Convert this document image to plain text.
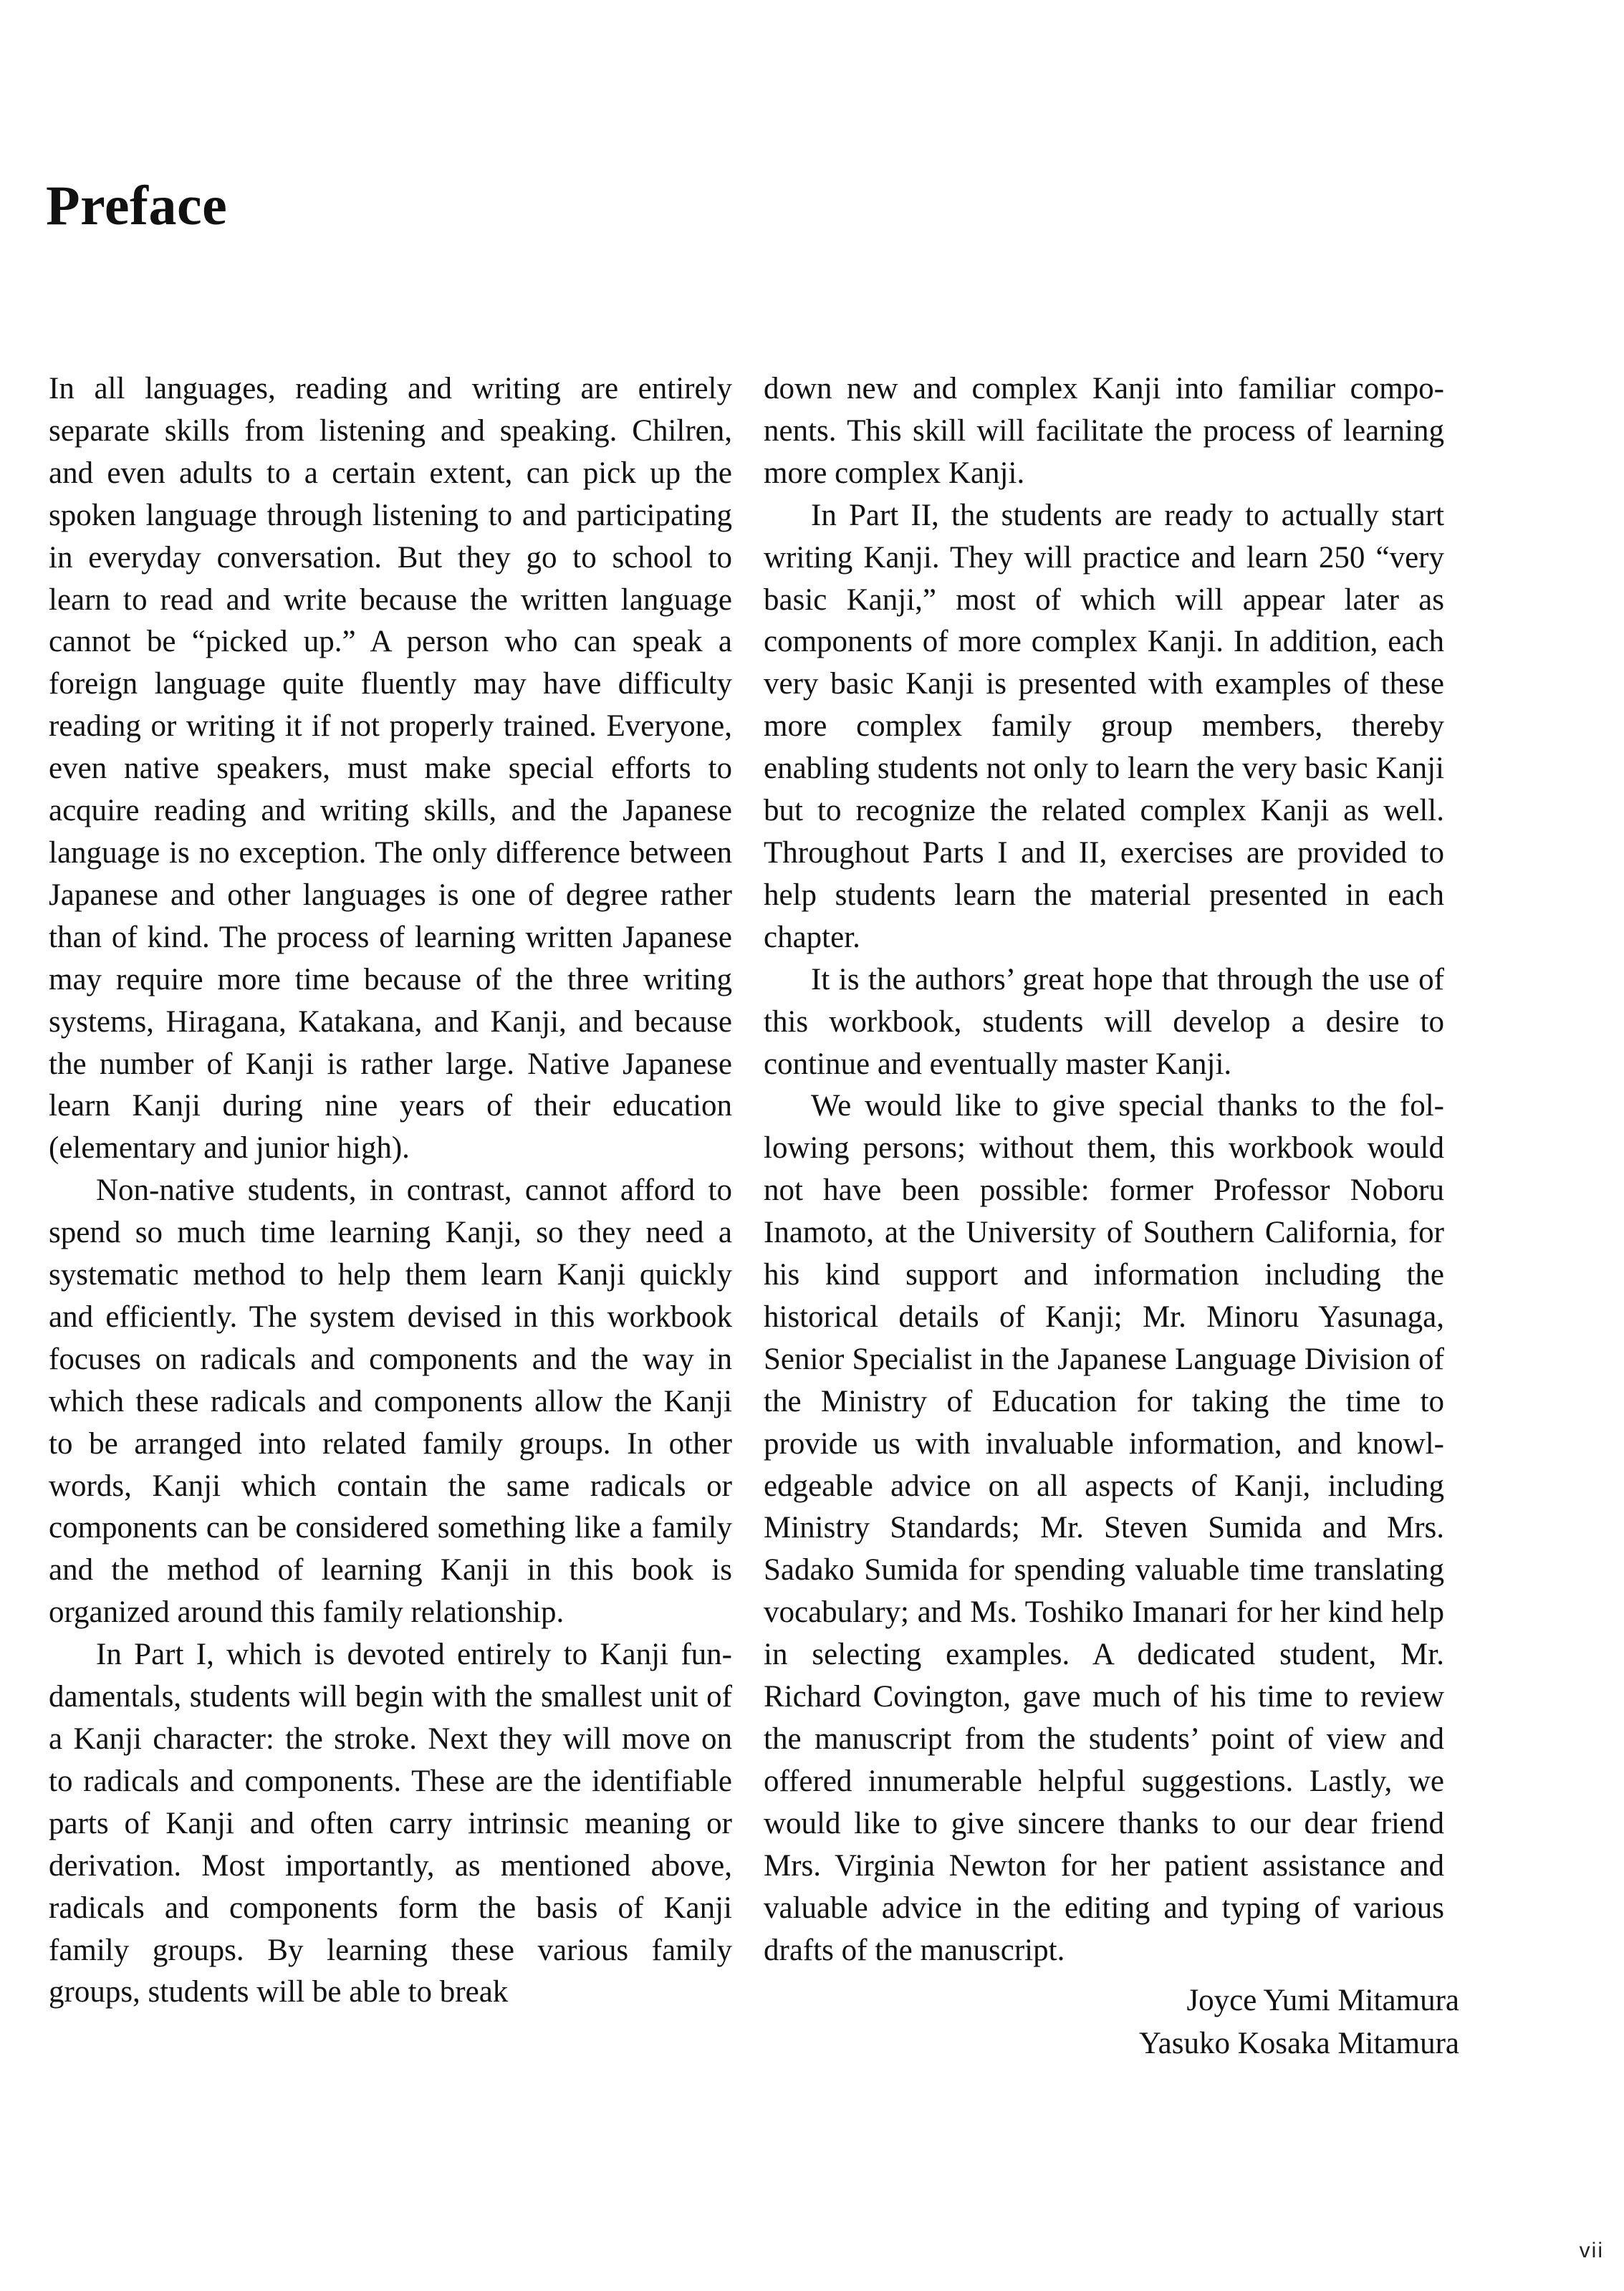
Preface

In all languages, reading and writing are entirely separate skills from listening and speaking. Chilren, and even adults to a certain extent, can pick up the spoken language through listening to and participating in everyday conversation. But they go to school to learn to read and write because the written language cannot be “picked up.” A person who can speak a foreign language quite fluently may have difficulty reading or writing it if not properly trained. Everyone, even native speakers, must make special efforts to acquire reading and writing skills, and the Japanese language is no exception. The only difference between Japanese and other languages is one of degree rather than of kind. The process of learning written Japanese may require more time because of the three writing systems, Hiragana, Katakana, and Kanji, and because the number of Kanji is rather large. Native Japanese learn Kanji during nine years of their education (elementary and junior high).

Non-native students, in contrast, cannot afford to spend so much time learning Kanji, so they need a systematic method to help them learn Kanji quickly and efficiently. The system devised in this workbook focuses on radicals and components and the way in which these radicals and components allow the Kanji to be arranged into related family groups. In other words, Kanji which contain the same radicals or components can be considered something like a family and the method of learning Kanji in this book is organized around this family relationship.

In Part I, which is devoted entirely to Kanji fundamentals, students will begin with the smallest unit of a Kanji character: the stroke. Next they will move on to radicals and components. These are the identifiable parts of Kanji and often carry intrinsic meaning or derivation. Most importantly, as mentioned above, radicals and components form the basis of Kanji family groups. By learning these various family groups, students will be able to break

down new and complex Kanji into familiar components. This skill will facilitate the process of learning more complex Kanji.

In Part II, the students are ready to actually start writing Kanji. They will practice and learn 250 “very basic Kanji,” most of which will appear later as components of more complex Kanji. In addition, each very basic Kanji is presented with examples of these more complex family group members, thereby enabling students not only to learn the very basic Kanji but to recognize the related complex Kanji as well. Throughout Parts I and II, exercises are provided to help students learn the material presented in each chapter.

It is the authors’ great hope that through the use of this workbook, students will develop a desire to continue and eventually master Kanji.

We would like to give special thanks to the following persons; without them, this workbook would not have been possible: former Professor Noboru Inamoto, at the University of Southern California, for his kind support and information including the historical details of Kanji; Mr. Minoru Yasunaga, Senior Specialist in the Japanese Language Division of the Ministry of Education for taking the time to provide us with invaluable information, and knowledgeable advice on all aspects of Kanji, including Ministry Standards; Mr. Steven Sumida and Mrs. Sadako Sumida for spending valuable time translating vocabulary; and Ms. Toshiko Imanari for her kind help in selecting examples. A dedicated student, Mr. Richard Covington, gave much of his time to review the manuscript from the students’ point of view and offered innumerable helpful suggestions. Lastly, we would like to give sincere thanks to our dear friend Mrs. Virginia Newton for her patient assistance and valuable advice in the editing and typing of various drafts of the manuscript.

Joyce Yumi Mitamura
Yasuko Kosaka Mitamura
vii
